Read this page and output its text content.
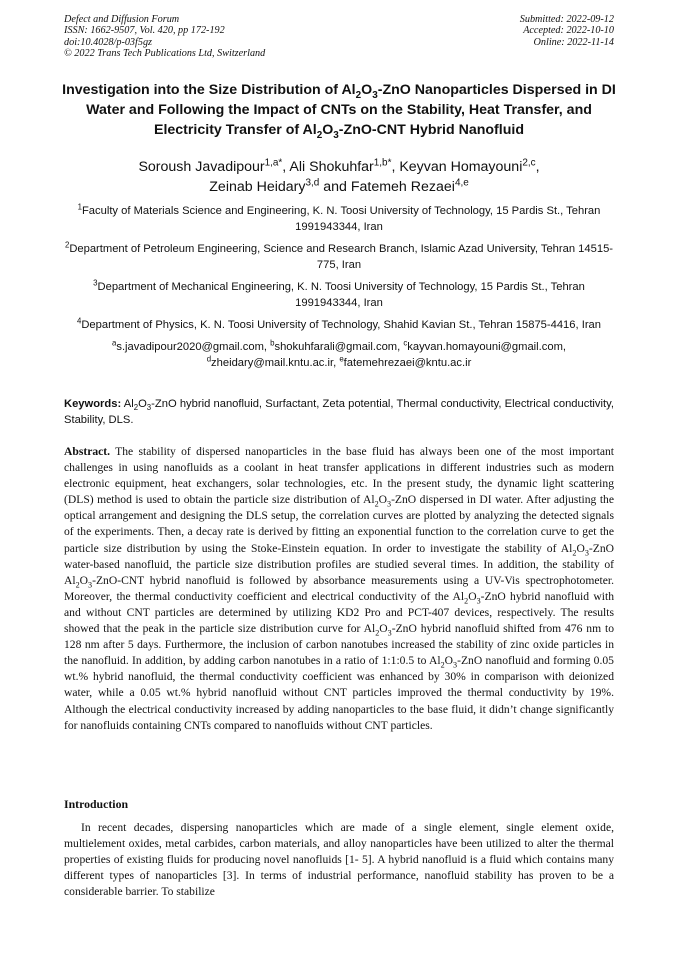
Defect and Diffusion Forum
ISSN: 1662-9507, Vol. 420, pp 172-192
doi:10.4028/p-03f5gz
© 2022 Trans Tech Publications Ltd, Switzerland
Submitted: 2022-09-12
Accepted: 2022-10-10
Online: 2022-11-14
Investigation into the Size Distribution of $Al_2O_3$-ZnO Nanoparticles Dispersed in DI Water and Following the Impact of CNTs on the Stability, Heat Transfer, and Electricity Transfer of $Al_2O_3-ZnO$-CNT Hybrid Nanofluid
Soroush Javadipour$^{1,a*}$, Ali Shokuhfar$^{1,b*}$, Keyvan Homayouni$^{2,c}$,
Zeinab Heidary$^{3,d}$ and Fatemeh Rezaei$^{4,e}$
$^1$Faculty of Materials Science and Engineering, K. N. Toosi University of Technology, 15 Pardis St., Tehran 1991943344, Iran
$^2$Department of Petroleum Engineering, Science and Research Branch, Islamic Azad University, Tehran 14515-775, Iran
$^3$Department of Mechanical Engineering, K. N. Toosi University of Technology, 15 Pardis St., Tehran 1991943344, Iran
$^4$Department of Physics, K. N. Toosi University of Technology, Shahid Kavian St., Tehran 15875-4416, Iran
$^a$s.javadipour2020@gmail.com, $^b$shokuhfarali@gmail.com, $^c$kayvan.homayouni@gmail.com,
$^d$zheidary@mail.kntu.ac.ir, $^e$fatemehrezaei@kntu.ac.ir
Keywords: $Al_2O_3$-ZnO hybrid nanofluid, Surfactant, Zeta potential, Thermal conductivity, Electrical conductivity, Stability, DLS.
Abstract. The stability of dispersed nanoparticles in the base fluid has always been one of the most important challenges in using nanofluids as a coolant in heat transfer applications in different industries such as modern electronic equipment, heat exchangers, solar technologies, etc. In the present study, the dynamic light scattering (DLS) method is used to obtain the particle size distribution of $Al_2O_3$-ZnO dispersed in DI water. After adjusting the optical arrangement and designing the DLS setup, the correlation curves are plotted by analyzing the detected signals of the experiments. Then, a decay rate is derived by fitting an exponential function to the correlation curve to get the particle size distribution by using the Stoke-Einstein equation. In order to investigate the stability of $Al_2O_3$-ZnO water-based nanofluid, the particle size distribution profiles are studied several times. In addition, the stability of $Al_2O_3-ZnO$-CNT hybrid nanofluid is followed by absorbance measurements using a UV-Vis spectrophotometer. Moreover, the thermal conductivity coefficient and electrical conductivity of the $Al_2O_3$-ZnO hybrid nanofluid with and without CNT particles are determined by utilizing KD2 Pro and PCT-407 devices, respectively. The results showed that the peak in the particle size distribution curve for $Al_2O_3$-ZnO hybrid nanofluid shifted from 476 nm to 128 nm after 5 days. Furthermore, the inclusion of carbon nanotubes increased the stability of zinc oxide particles in the nanofluid. In addition, by adding carbon nanotubes in a ratio of 1:1:0.5 to $Al_2O_3$-ZnO nanofluid and forming 0.05 wt.% hybrid nanofluid, the thermal conductivity coefficient was enhanced by 30% in comparison with deionized water, while a 0.05 wt.% hybrid nanofluid without CNT particles improved the thermal conductivity by 19%. Although the electrical conductivity increased by adding nanoparticles to the base fluid, it didn’t change significantly for nanofluids containing CNTs compared to nanofluids without CNT particles.
Introduction
In recent decades, dispersing nanoparticles which are made of a single element, single element oxide, multielement oxides, metal carbides, carbon materials, and alloy nanoparticles have been utilized to alter the thermal properties of existing fluids for producing novel nanofluids [1- 5]. A hybrid nanofluid is a fluid which contains many different types of nanoparticles [3]. In terms of industrial performance, nanofluid stability has proven to be a considerable barrier. To stabilize
